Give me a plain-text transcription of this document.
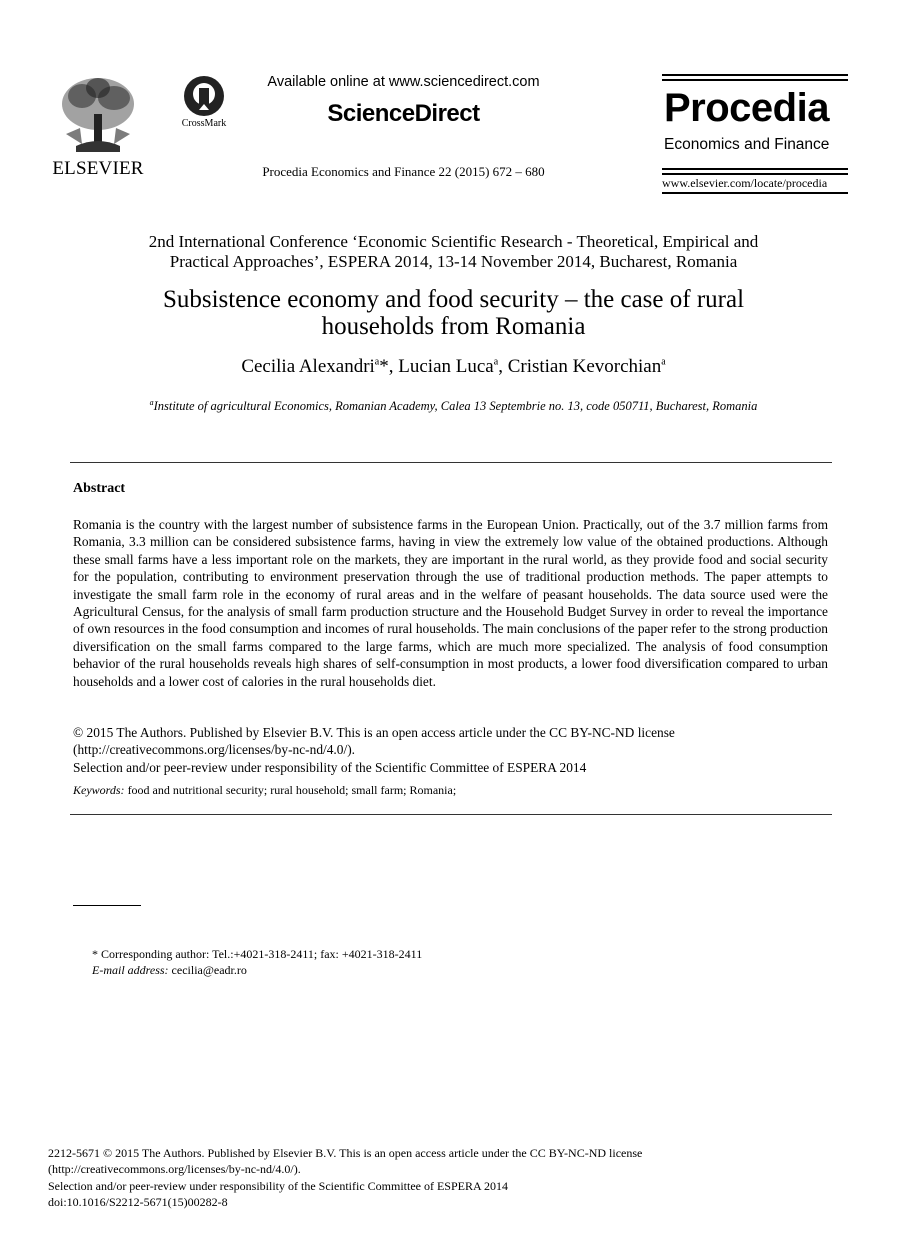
ELSEVIER
CrossMark
Available online at www.sciencedirect.com
ScienceDirect
Procedia Economics and Finance 22 (2015) 672 – 680
Procedia
Economics and Finance
www.elsevier.com/locate/procedia
2nd International Conference ‘Economic Scientific Research - Theoretical, Empirical and
Practical Approaches’, ESPERA 2014, 13-14 November 2014, Bucharest, Romania
Subsistence economy and food security – the case of rural
households from Romania
Cecilia Alexandri$^a$*, Lucian Luca$^a$, Cristian Kevorchian$^a$
$^a$Institute of agricultural Economics, Romanian Academy, Calea 13 Septembrie no. 13, code 050711, Bucharest, Romania
Abstract
Romania is the country with the largest number of subsistence farms in the European Union. Practically, out of the 3.7 million farms from Romania, 3.3 million can be considered subsistence farms, having in view the extremely low value of the obtained productions. Although these small farms have a less important role on the markets, they are important in the rural world, as they provide food and social security for the population, contributing to environment preservation through the use of traditional production methods. The paper attempts to investigate the small farm role in the economy of rural areas and in the welfare of peasant households. The data source used were the Agricultural Census, for the analysis of small farm production structure and the Household Budget Survey in order to reveal the importance of own resources in the food consumption and incomes of rural households. The main conclusions of the paper refer to the strong production diversification on the small farms compared to the large farms, which are much more specialized. The analysis of food consumption behavior of the rural households reveals high shares of self-consumption in most products, a lower food diversification compared to urban households and a lower cost of calories in the rural households diet.
© 2015 The Authors. Published by Elsevier B.V. This is an open access article under the CC BY-NC-ND license
(http://creativecommons.org/licenses/by-nc-nd/4.0/).
Selection and/or peer-review under responsibility of the Scientific Committee of ESPERA 2014
Keywords: food and nutritional security; rural household; small farm; Romania;
* Corresponding author: Tel.:+4021-318-2411; fax: +4021-318-2411
E-mail address: cecilia@eadr.ro
2212-5671 © 2015 The Authors. Published by Elsevier B.V. This is an open access article under the CC BY-NC-ND license
(http://creativecommons.org/licenses/by-nc-nd/4.0/).
Selection and/or peer-review under responsibility of the Scientific Committee of ESPERA 2014
doi:10.1016/S2212-5671(15)00282-8
